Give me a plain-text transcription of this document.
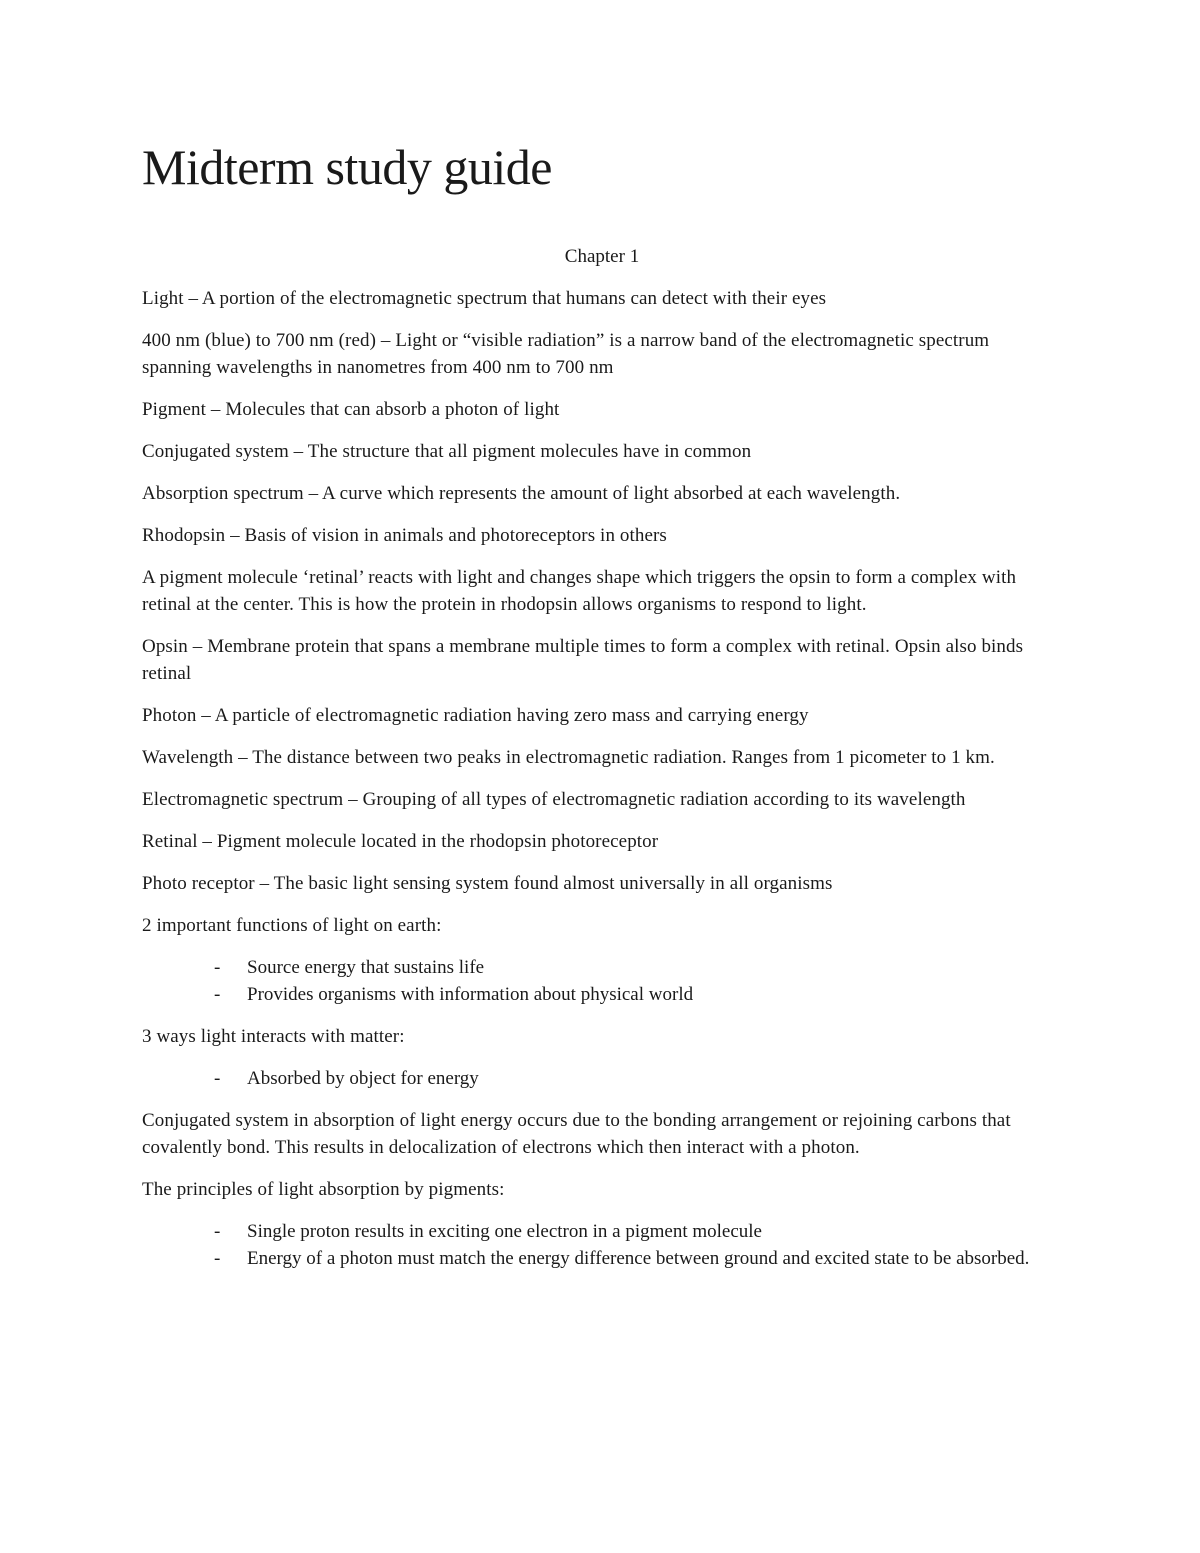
Midterm study guide

Chapter 1

Light – A portion of the electromagnetic spectrum that humans can detect with their eyes

400 nm (blue) to 700 nm (red) – Light or “visible radiation” is a narrow band of the electromagnetic spectrum spanning wavelengths in nanometres from 400 nm to 700 nm

Pigment – Molecules that can absorb a photon of light

Conjugated system – The structure that all pigment molecules have in common

Absorption spectrum – A curve which represents the amount of light absorbed at each wavelength.

Rhodopsin – Basis of vision in animals and photoreceptors in others

A pigment molecule ‘retinal’ reacts with light and changes shape which triggers the opsin to form a complex with retinal at the center. This is how the protein in rhodopsin allows organisms to respond to light.

Opsin – Membrane protein that spans a membrane multiple times to form a complex with retinal. Opsin also binds retinal

Photon – A particle of electromagnetic radiation having zero mass and carrying energy

Wavelength – The distance between two peaks in electromagnetic radiation. Ranges from 1 picometer to 1 km.

Electromagnetic spectrum – Grouping of all types of electromagnetic radiation according to its wavelength

Retinal – Pigment molecule located in the rhodopsin photoreceptor

Photo receptor – The basic light sensing system found almost universally in all organisms

2 important functions of light on earth:

- Source energy that sustains life
- Provides organisms with information about physical world

3 ways light interacts with matter:

- Absorbed by object for energy

Conjugated system in absorption of light energy occurs due to the bonding arrangement or rejoining carbons that covalently bond. This results in delocalization of electrons which then interact with a photon.

The principles of light absorption by pigments:

- Single proton results in exciting one electron in a pigment molecule
- Energy of a photon must match the energy difference between ground and excited state to be absorbed.
